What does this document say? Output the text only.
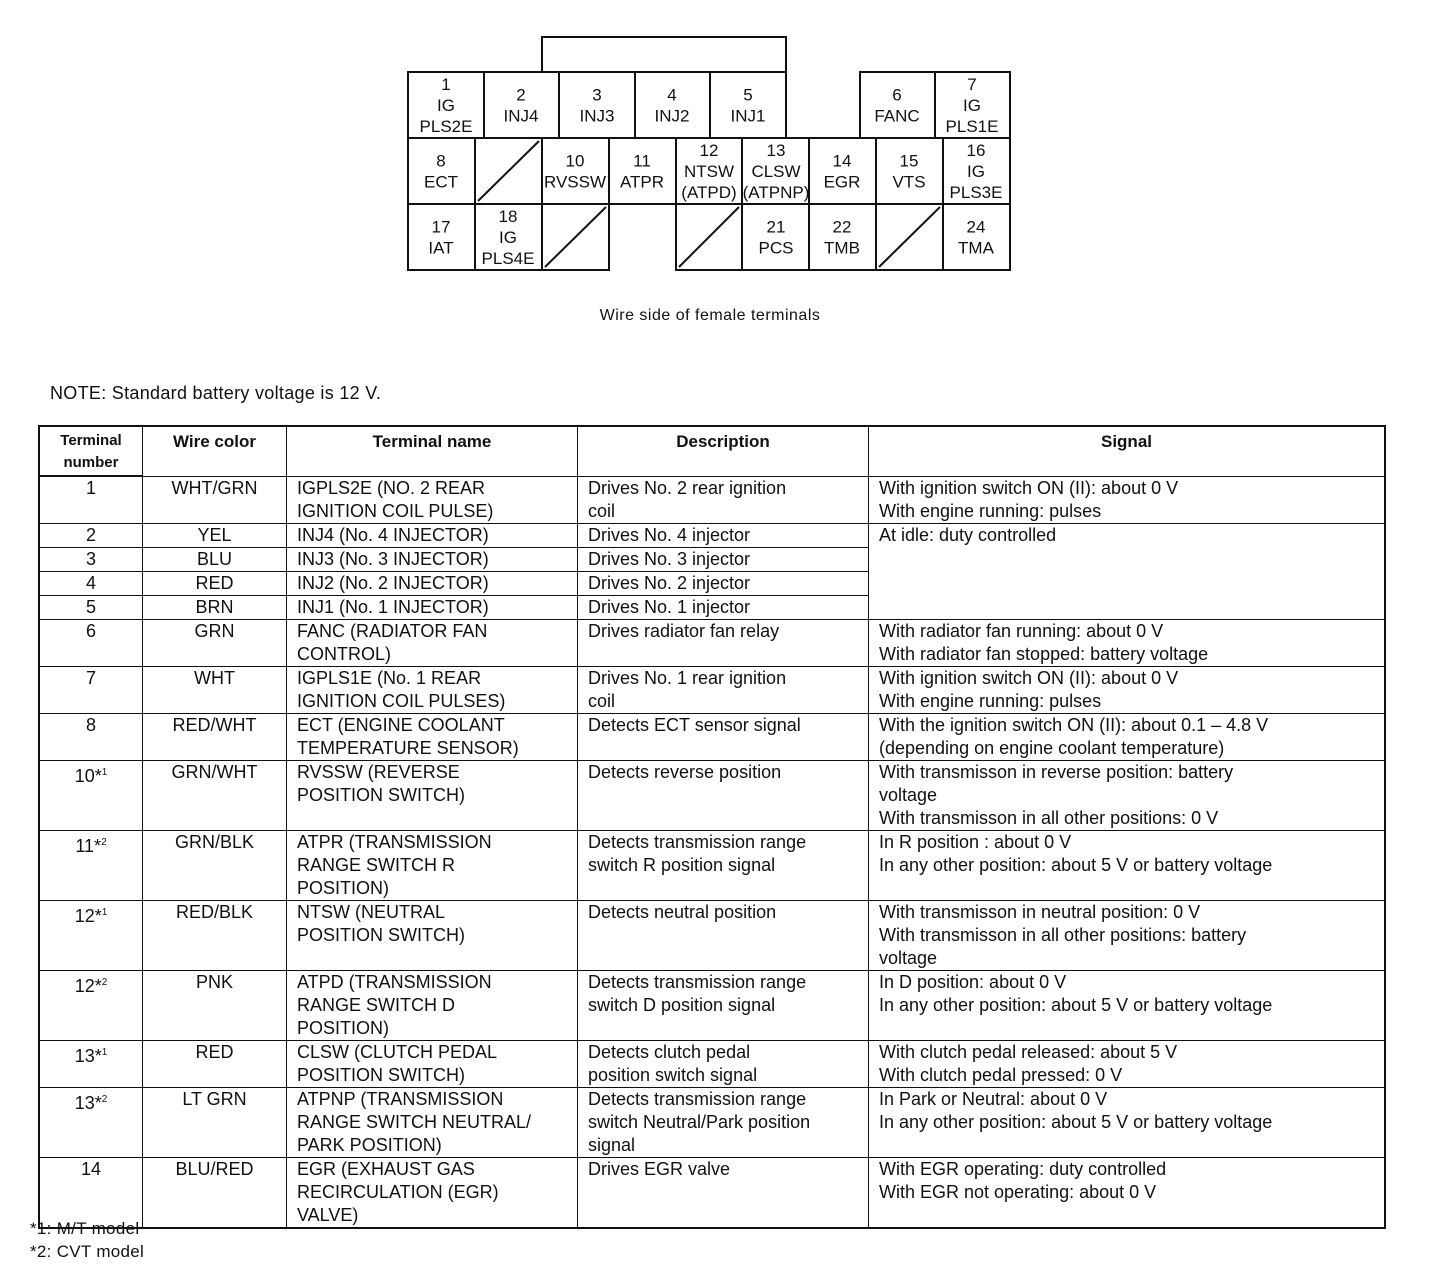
1
IG
PLS2E
2
INJ4
3
INJ3
4
INJ2
5
INJ1
6
FANC
7
IG
PLS1E
8
ECT
10
RVSSW
11
ATPR
12
NTSW
(ATPD)
13
CLSW
(ATPNP)
14
EGR
15
VTS
16
IG
PLS3E
17
IAT
18
IG
PLS4E
21
PCS
22
TMB
24
TMA
Wire side of female terminals
NOTE: Standard battery voltage is 12 V.
Terminal
number	Wire color	Terminal name	Description	Signal
1	WHT/GRN	IGPLS2E (NO. 2 REAR
IGNITION COIL PULSE)	Drives No. 2 rear ignition
coil	With ignition switch ON (II): about 0 V
With engine running: pulses
2	YEL	INJ4 (No. 4 INJECTOR)	Drives No. 4 injector	At idle: duty controlled
3	BLU	INJ3 (No. 3 INJECTOR)	Drives No. 3 injector	
4	RED	INJ2 (No. 2 INJECTOR)	Drives No. 2 injector	
5	BRN	INJ1 (No. 1 INJECTOR)	Drives No. 1 injector	
6	GRN	FANC (RADIATOR FAN
CONTROL)	Drives radiator fan relay	With radiator fan running: about 0 V
With radiator fan stopped: battery voltage
7	WHT	IGPLS1E (No. 1 REAR
IGNITION COIL PULSES)	Drives No. 1 rear ignition
coil	With ignition switch ON (II): about 0 V
With engine running: pulses
8	RED/WHT	ECT (ENGINE COOLANT
TEMPERATURE SENSOR)	Detects ECT sensor signal	With the ignition switch ON (II): about 0.1 – 4.8 V
(depending on engine coolant temperature)
10*$^1$	GRN/WHT	RVSSW (REVERSE
POSITION SWITCH)	Detects reverse position	With transmisson in reverse position: battery
voltage
With transmisson in all other positions: 0 V
11*$^2$	GRN/BLK	ATPR (TRANSMISSION
RANGE SWITCH R
POSITION)	Detects transmission range
switch R position signal	In R position : about 0 V
In any other position: about 5 V or battery voltage
12*$^1$	RED/BLK	NTSW (NEUTRAL
POSITION SWITCH)	Detects neutral position	With transmisson in neutral position: 0 V
With transmisson in all other positions: battery
voltage
12*$^2$	PNK	ATPD (TRANSMISSION
RANGE SWITCH D
POSITION)	Detects transmission range
switch D position signal	In D position: about 0 V
In any other position: about 5 V or battery voltage
13*$^1$	RED	CLSW (CLUTCH PEDAL
POSITION SWITCH)	Detects clutch pedal
position switch signal	With clutch pedal released: about 5 V
With clutch pedal pressed: 0 V
13*$^2$	LT GRN	ATPNP (TRANSMISSION
RANGE SWITCH NEUTRAL/
PARK POSITION)	Detects transmission range
switch Neutral/Park position
signal	In Park or Neutral: about 0 V
In any other position: about 5 V or battery voltage
14	BLU/RED	EGR (EXHAUST GAS
RECIRCULATION (EGR)
VALVE)	Drives EGR valve	With EGR operating: duty controlled
With EGR not operating: about 0 V
*1: M/T model
*2: CVT model
